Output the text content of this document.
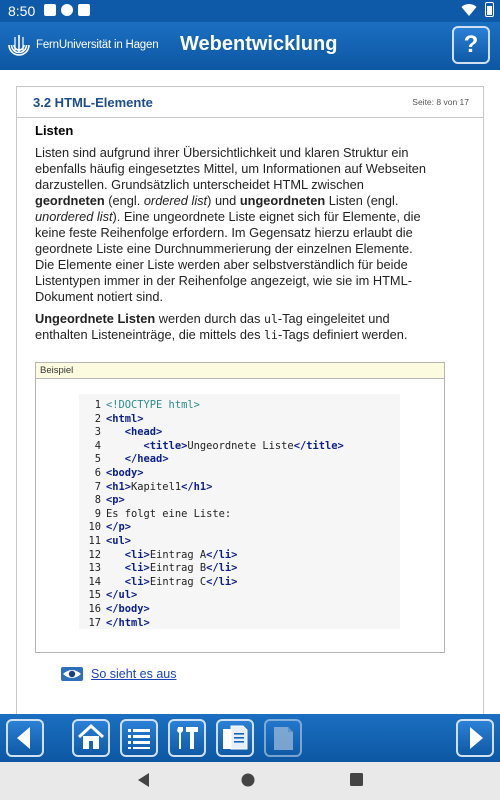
8:50
FernUniversität in Hagen Webentwicklung	?
3.2 HTML-Elemente	Seite: 8 von 17
Listen

Listen sind aufgrund ihrer Übersichtlichkeit und klaren Struktur ein ebenfalls häufig eingesetztes Mittel, um Informationen auf Webseiten darzustellen. Grundsätzlich unterscheidet HTML zwischen geordneten (engl. ordered list) und ungeordneten Listen (engl. unordered list). Eine ungeordnete Liste eignet sich für Elemente, die keine feste Reihenfolge erfordern. Im Gegensatz hierzu erlaubt die geordnete Liste eine Durchnummerierung der einzelnen Elemente. Die Elemente einer Liste werden aber selbstverständlich für beide Listentypen immer in der Reihenfolge angezeigt, wie sie im HTML-Dokument notiert sind.

Ungeordnete Listen werden durch das ul-Tag eingeleitet und enthalten Listeneinträge, die mittels des li-Tags definiert werden.

Beispiel
1 <!DOCTYPE html>
2 <html>
3	<head>
4	<title>Ungeordnete Liste</title>
5	</head>
6 <body>
7 <h1>Kapitel1</h1>
8 <p>
9 Es folgt eine Liste:
10 </p>
11 <ul>
12	<li>Eintrag A</li>
13	<li>Eintrag B</li>
14	<li>Eintrag C</li>
15 </ul>
16 </body>
17 </html>
So sieht es aus
